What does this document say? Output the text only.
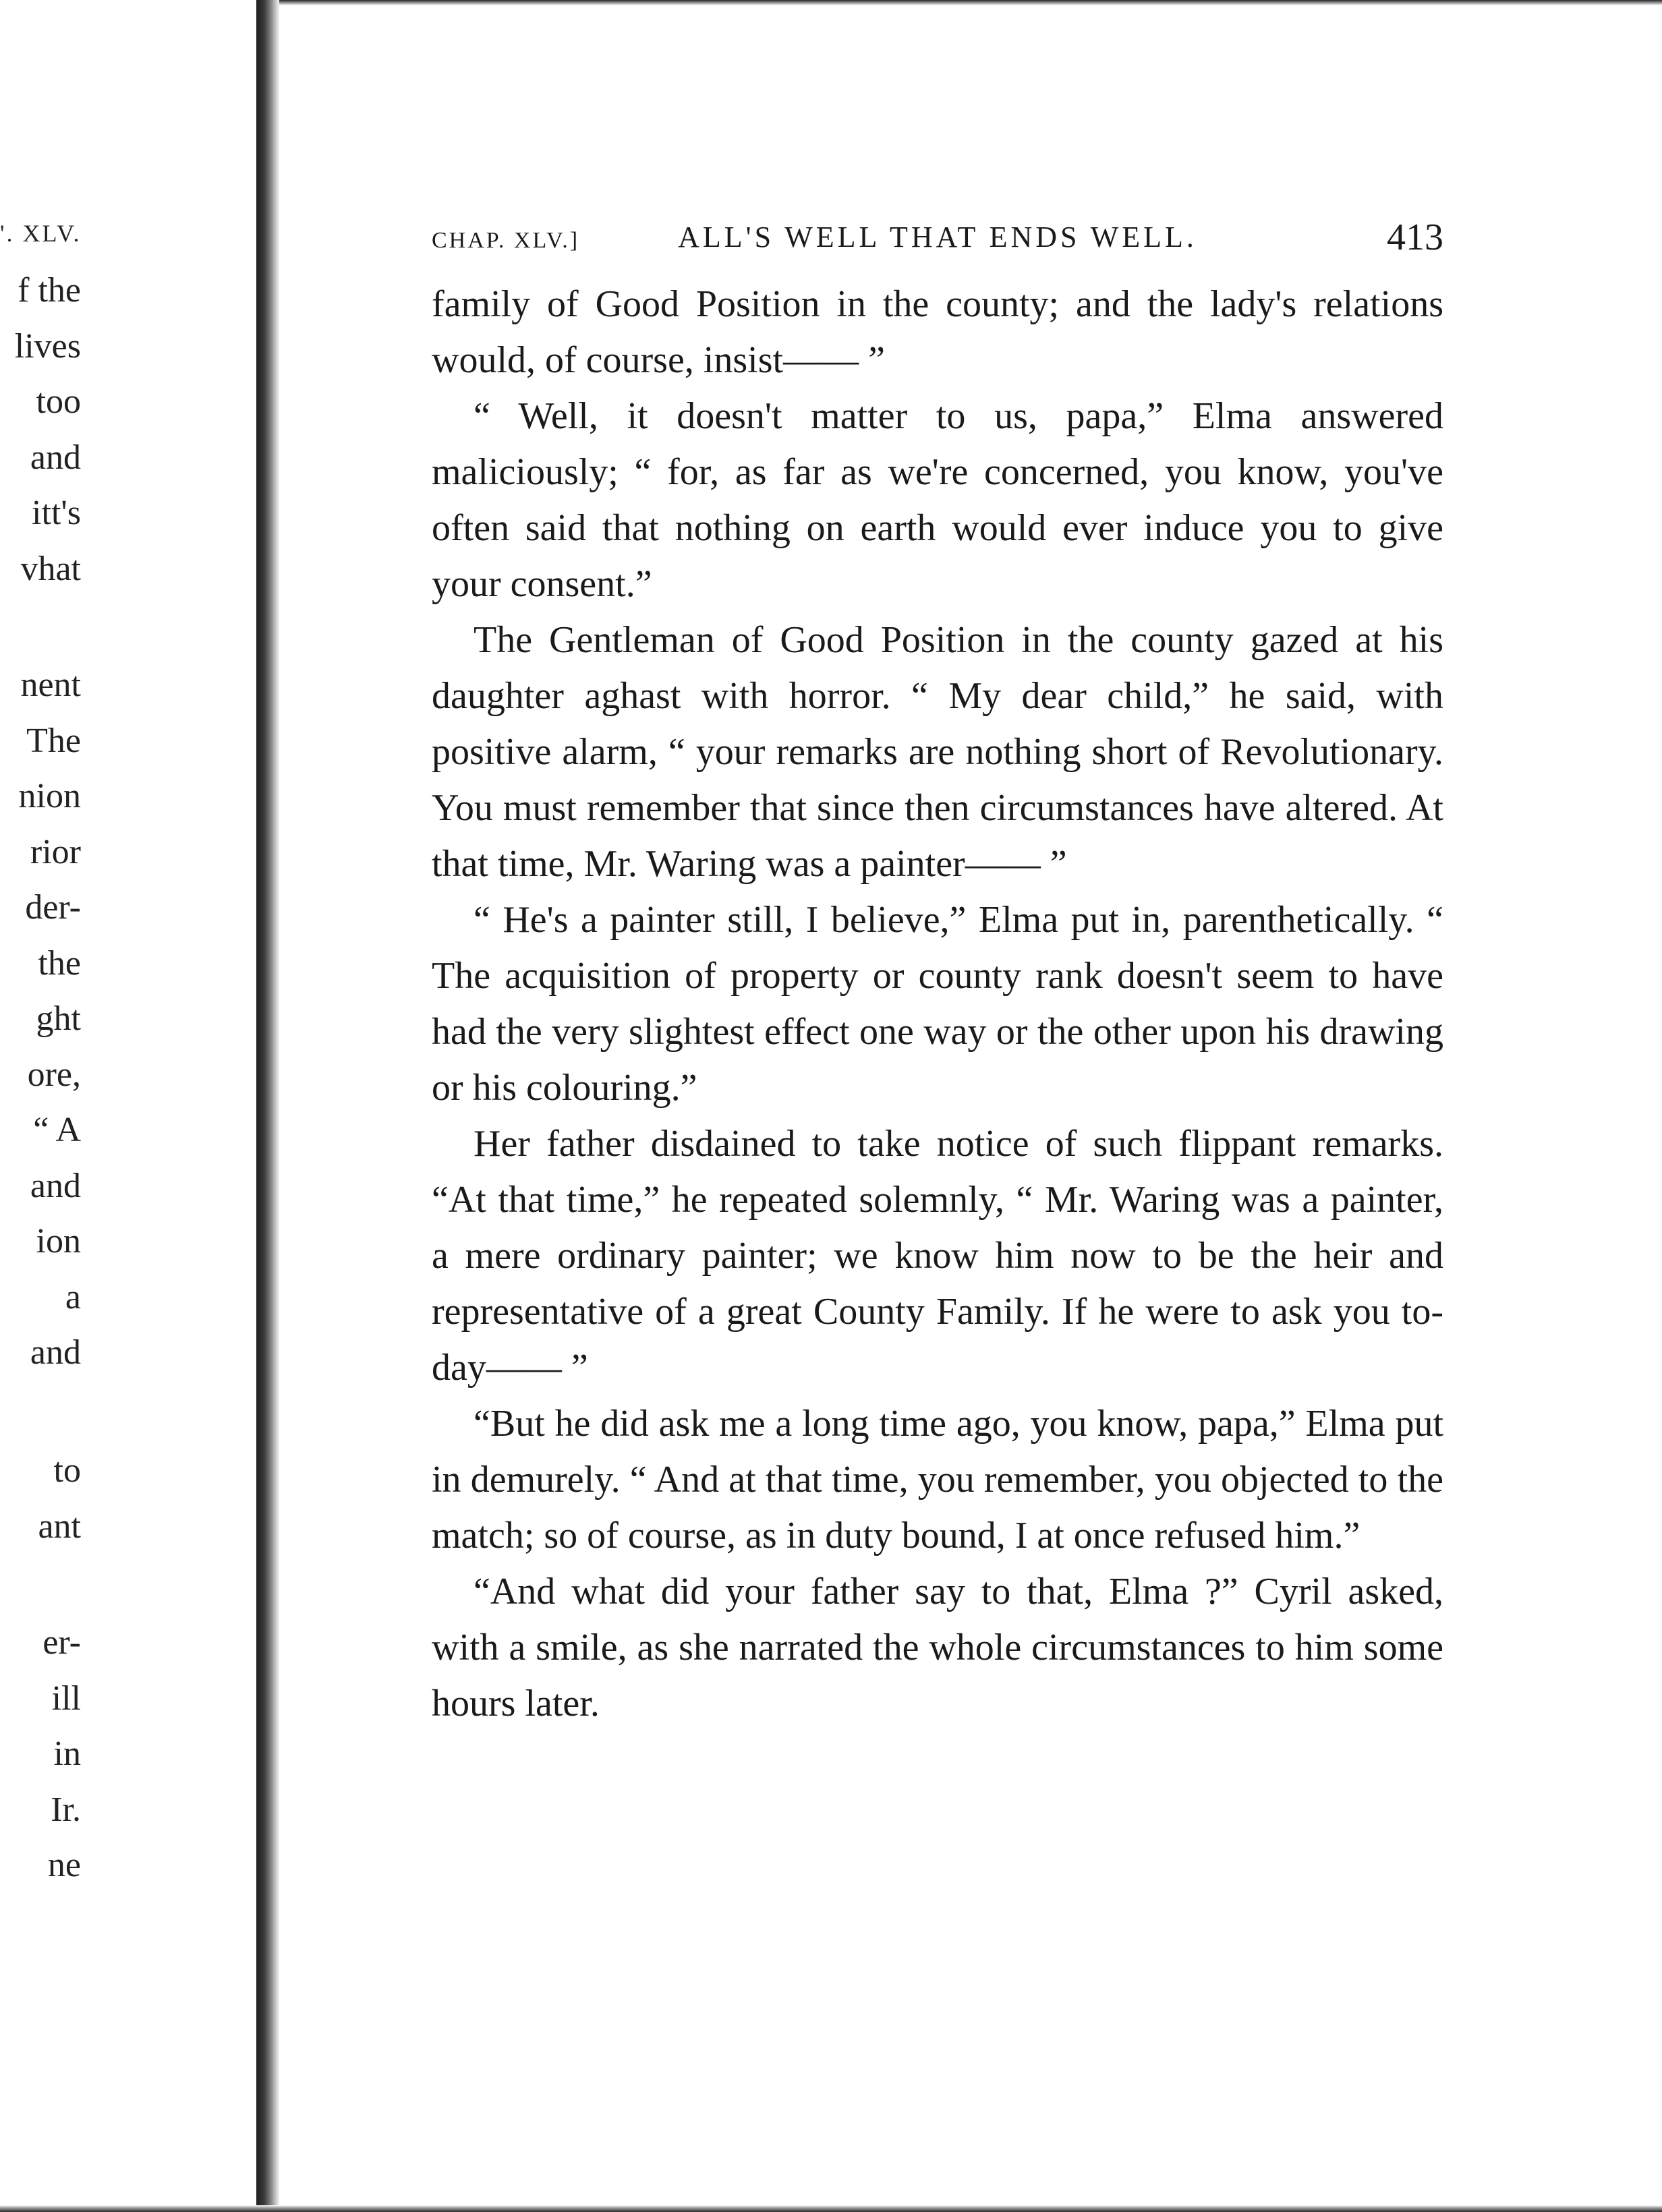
'. XLV.
f the
lives
too
and
itt's
vhat
nent
The
nion
rior
der-
the
ght
ore,
“ A
and
ion
a
and
to
ant
er-
ill
in
Ir.
ne
CHAP. XLV.]	ALL'S WELL THAT ENDS WELL.	413

family of Good Position in the county; and the lady's relations would, of course, insist—— ”

“ Well, it doesn't matter to us, papa,” Elma answered maliciously; “ for, as far as we're concerned, you know, you've often said that nothing on earth would ever induce you to give your consent.”

The Gentleman of Good Position in the county gazed at his daughter aghast with horror. “ My dear child,” he said, with positive alarm, “ your remarks are nothing short of Revolutionary. You must remember that since then circumstances have altered. At that time, Mr. Waring was a painter—— ”

“ He's a painter still, I believe,” Elma put in, parenthetically. “ The acquisition of property or county rank doesn't seem to have had the very slightest effect one way or the other upon his drawing or his colouring.”

Her father disdained to take notice of such flippant remarks. “At that time,” he repeated solemnly, “ Mr. Waring was a painter, a mere ordinary painter; we know him now to be the heir and representative of a great County Family. If he were to ask you to-day—— ”

“But he did ask me a long time ago, you know, papa,” Elma put in demurely. “ And at that time, you remember, you objected to the match; so of course, as in duty bound, I at once refused him.”

“And what did your father say to that, Elma ?” Cyril asked, with a smile, as she narrated the whole circumstances to him some hours later.
